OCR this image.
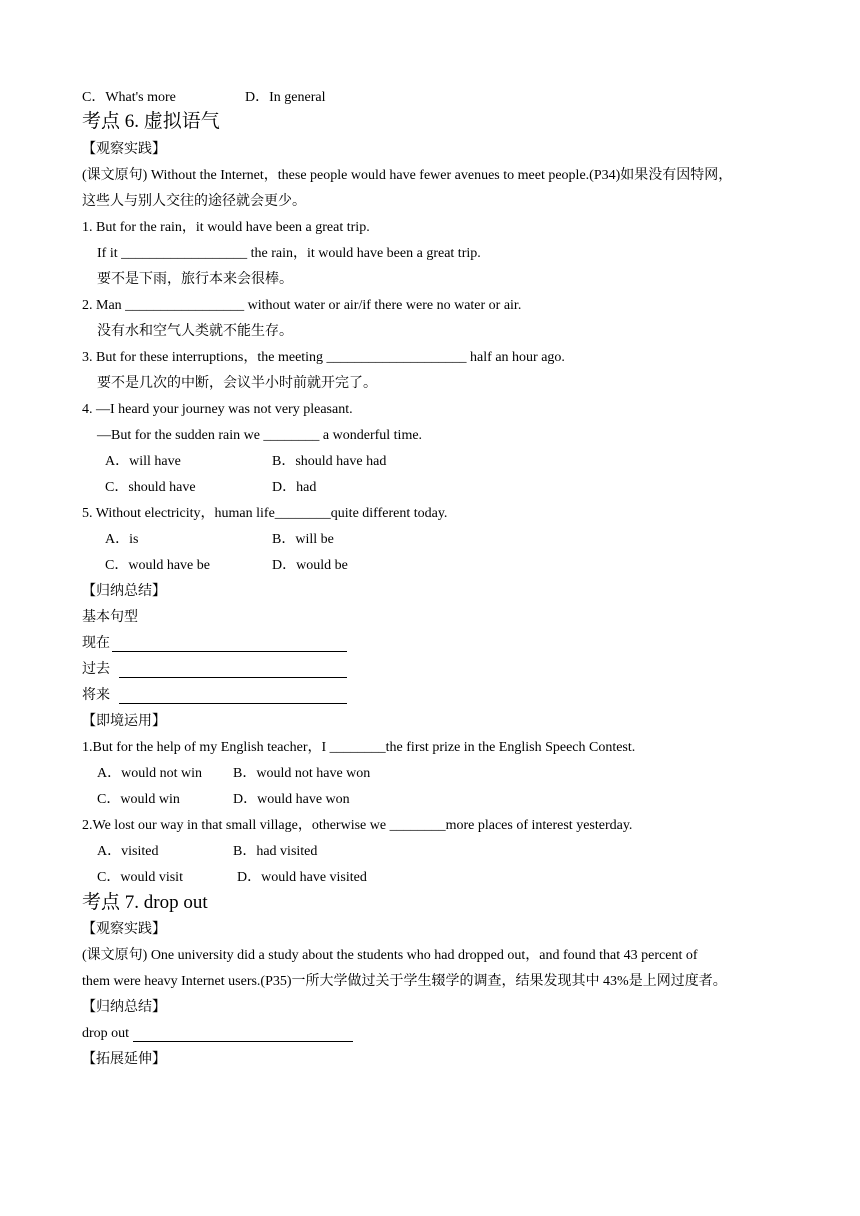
C．What's more	D．In general
考点 6. 虚拟语气
【观察实践】
(课文原句) Without the Internet，these people would have fewer avenues to meet people.(P34)如果没有因特网，
这些人与别人交往的途径就会更少。
1. But for the rain，it would have been a great trip.
If it __________________ the rain，it would have been a great trip.
要不是下雨，旅行本来会很棒。
2. Man _________________ without water or air/if there were no water or air.
没有水和空气人类就不能生存。
3. But for these interruptions，the meeting ____________________ half an hour ago.
要不是几次的中断，会议半小时前就开完了。
4. —I heard your journey was not very pleasant.
—But for the sudden rain we ________ a wonderful time.
A．will have	B．should have had
C．should have	D．had
5. Without electricity，human life________quite different today.
A．is	B．will be
C．would have be	D．would be
【归纳总结】
基本句型
现在
过去
将来
【即境运用】
1.But for the help of my English teacher，I ________the first prize in the English Speech Contest.
A．would not win B．would not have won
C．would win	D．would have won
2.We lost our way in that small village，otherwise we ________more places of interest yesterday.
A．visited	B．had visited
C．would visit	D．would have visited
考点 7. drop out
【观察实践】
(课文原句) One university did a study about the students who had dropped out，and found that 43 percent of
them were heavy Internet users.(P35)一所大学做过关于学生辍学的调查，结果发现其中 43%是上网过度者。
【归纳总结】
drop out
【拓展延伸】
